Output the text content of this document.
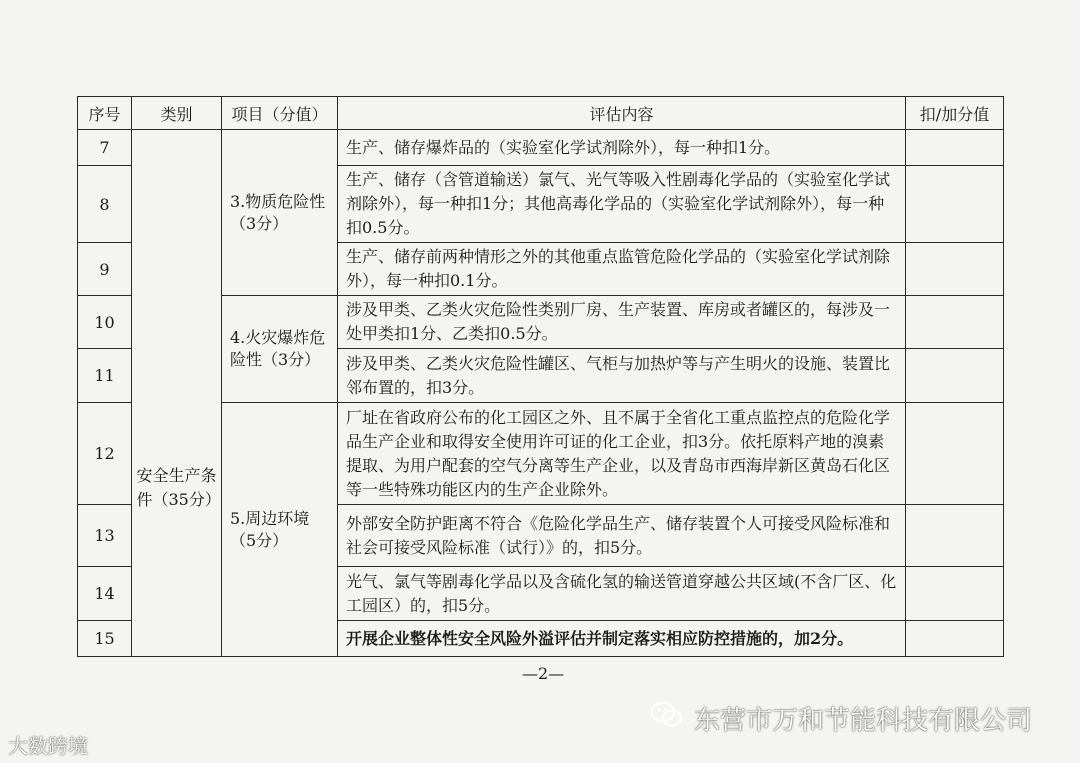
序号	类别	项目（分值）	评估内容	扣/加分值
7	安全生产条件（35分）	3.物质危险性（3分）	生产、储存爆炸品的（实验室化学试剂除外），每一种扣1分。	
8			生产、储存（含管道输送）氯气、光气等吸入性剧毒化学品的（实验室化学试剂除外），每一种扣1分；其他高毒化学品的（实验室化学试剂除外），每一种扣0.5分。	
9			生产、储存前两种情形之外的其他重点监管危险化学品的（实验室化学试剂除外），每一种扣0.1分。	
10		4.火灾爆炸危险性（3分）	涉及甲类、乙类火灾危险性类别厂房、生产装置、库房或者罐区的，每涉及一处甲类扣1分、乙类扣0.5分。	
11			涉及甲类、乙类火灾危险性罐区、气柜与加热炉等与产生明火的设施、装置比邻布置的，扣3分。	
12		5.周边环境（5分）	厂址在省政府公布的化工园区之外、且不属于全省化工重点监控点的危险化学品生产企业和取得安全使用许可证的化工企业，扣3分。依托原料产地的溴素提取、为用户配套的空气分离等生产企业，以及青岛市西海岸新区黄岛石化区等一些特殊功能区内的生产企业除外。	
13			外部安全防护距离不符合《危险化学品生产、储存装置个人可接受风险标准和社会可接受风险标准（试行）》的，扣5分。	
14			光气、氯气等剧毒化学品以及含硫化氢的输送管道穿越公共区域(不含厂区、化工园区）的，扣5分。	
15			开展企业整体性安全风险外溢评估并制定落实相应防控措施的，加2分。	
—2—
大数跨境
东营市万和节能科技有限公司
